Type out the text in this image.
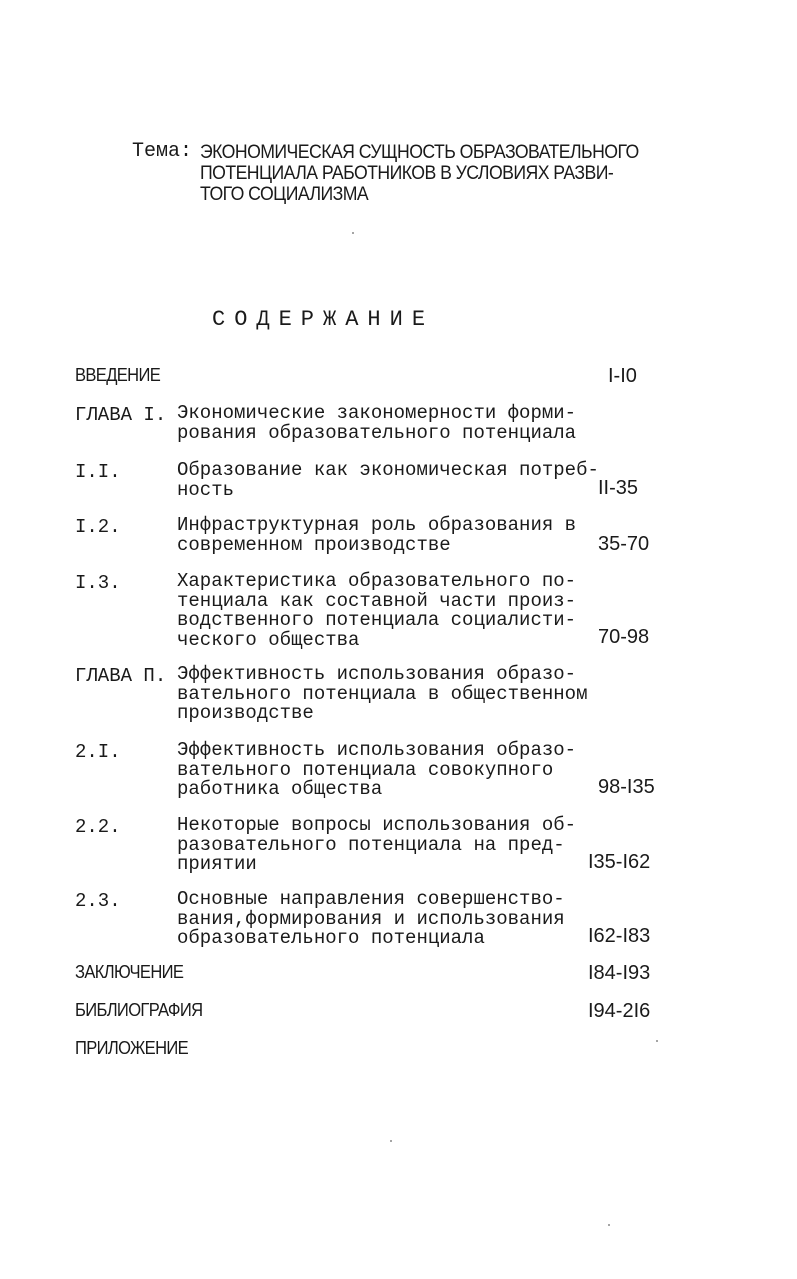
Тема: ЭКОНОМИЧЕСКАЯ СУЩНОСТЬ ОБРАЗОВАТЕЛЬНОГО
ПОТЕНЦИАЛА РАБОТНИКОВ В УСЛОВИЯХ РАЗВИ-
ТОГО СОЦИАЛИЗМА
СОДЕРЖАНИЕ
ВВЕДЕНИЕ	I-I0
ГЛАВА I. Экономические закономерности форми-
рования образовательного потенциала
I.I.	Образование как экономическая потреб-
ность	II-35
I.2.	Инфраструктурная роль образования в
современном производстве	35-70
I.3.	Характеристика образовательного по-
тенциала как составной части произ-
водственного потенциала социалисти-
ческого общества	70-98
ГЛАВА П. Эффективность использования образо-
вательного потенциала в общественном
производстве
2.I.	Эффективность использования образо-
вательного потенциала совокупного
работника общества	98-I35
2.2.	Некоторые вопросы использования об-
разовательного потенциала на пред-
приятии	I35-I62
2.3.	Основные направления совершенство-
вания,формирования и использования
образовательного потенциала	I62-I83
ЗАКЛЮЧЕНИЕ	I84-I93
БИБЛИОГРАФИЯ	I94-2I6
ПРИЛОЖЕНИЕ
